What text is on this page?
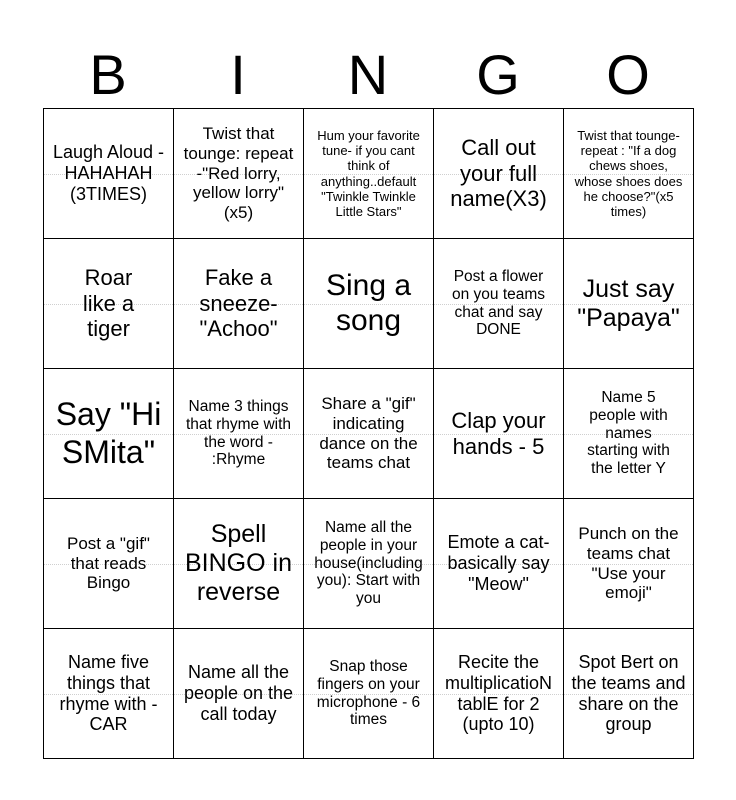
B	I	N	G	O
Laugh Aloud - HAHAHAH (3TIMES)
Twist that tounge: repeat -"Red lorry, yellow lorry" (x5)
Hum your favorite tune- if you cant think of anything..default "Twinkle Twinkle Little Stars"
Call out your full name(X3)
Twist that tounge-repeat : "If a dog chews shoes, whose shoes does he choose?"(x5 times)
Roar like a tiger
Fake a sneeze-"Achoo"
Sing a song
Post a flower on you teams chat and say DONE
Just say "Papaya"
Say "Hi SMita"
Name 3 things that rhyme with the word - :Rhyme
Share a "gif" indicating dance on the teams chat
Clap your hands - 5
Name 5 people with names starting with the letter Y
Post a "gif" that reads Bingo
Spell BINGO in reverse
Name all the people in your house(including you): Start with you
Emote a cat-basically say "Meow"
Punch on the teams chat "Use your emoji"
Name five things that rhyme with - CAR
Name all the people on the call today
Snap those fingers on your microphone - 6 times
Recite the multiplicatioN tablE for 2 (upto 10)
Spot Bert on the teams and share on the group
